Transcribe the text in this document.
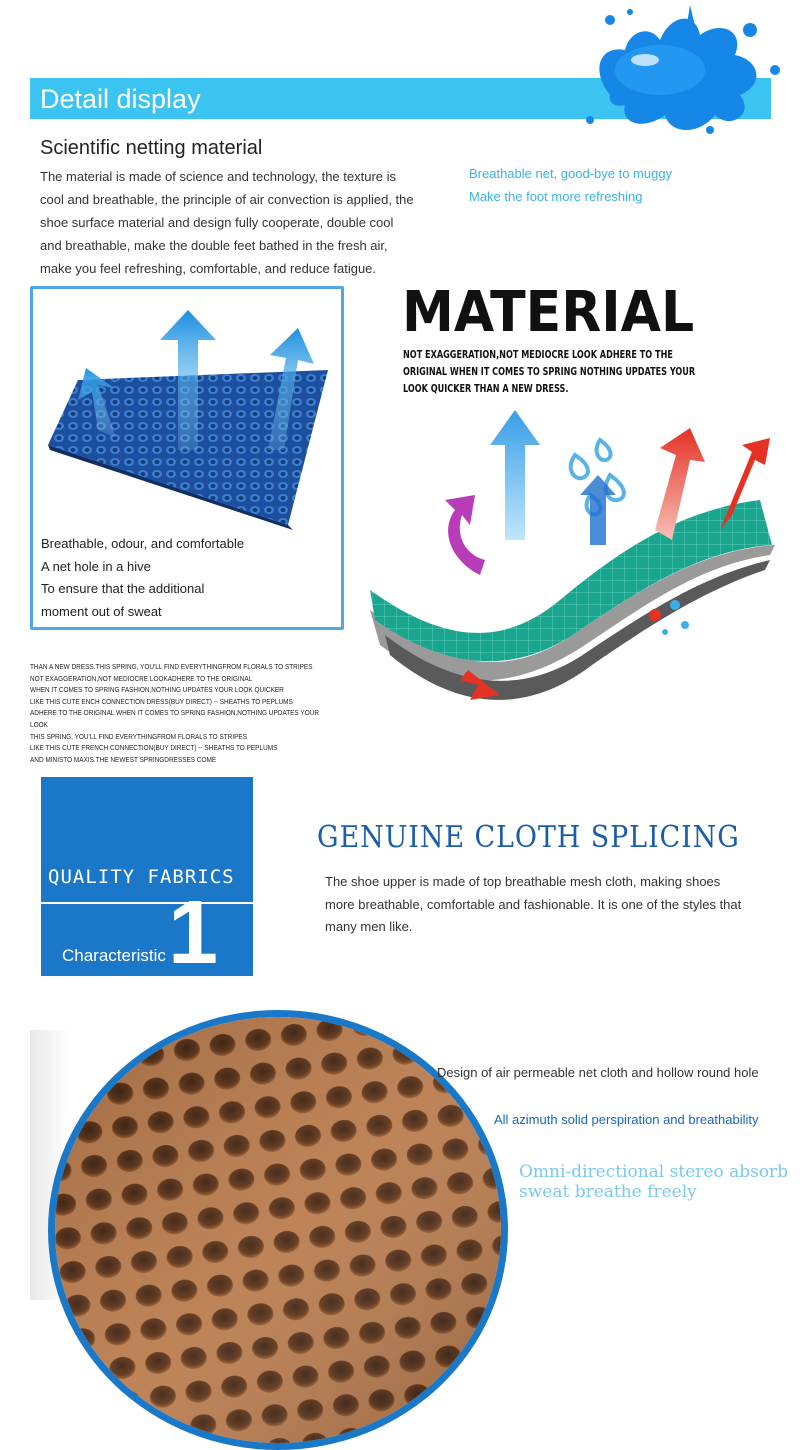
Detail display
Scientific netting material
The material is made of science and technology, the texture is cool and breathable, the principle of air convection is applied, the shoe surface material and design fully cooperate, double cool and breathable, make the double feet bathed in the fresh air, make you feel refreshing, comfortable, and reduce fatigue.
Breathable net, good-bye to muggy
Make the foot more refreshing
Breathable, odour, and comfortable
A net hole in a hive
To ensure that the additional
moment out of sweat
MATERIAL
NOT EXAGGERATION,NOT MEDIOCRE LOOK ADHERE TO THE ORIGINAL WHEN IT COMES TO SPRING NOTHING UPDATES YOUR LOOK QUICKER THAN A NEW DRESS.
THAN A NEW DRESS.THIS SPRING, YOU'LL FIND EVERYTHINGFROM FLORALS TO STRIPES
NOT EXAGGERATION,NOT MEDIOCRE LOOKADHERE TO THE ORIGINAL
WHEN IT COMES TO SPRING FASHION,NOTHING UPDATES YOUR LOOK QUICKER
LIKE THIS CUTE ENCH CONNECTION DRESS(BUY DIRECT) -- SHEATHS TO PEPLUMS
ADHERE TO THE ORIGINAL WHEN IT COMES TO SPRING FASHION,NOTHING UPDATES YOUR LOOK
THIS SPRING, YOU'LL FIND EVERYTHINGFROM FLORALS TO STRIPES
LIKE THIS CUTE FRENCH CONNECTION(BUY DIRECT) -- SHEATHS TO PEPLUMS
AND MINISTO MAXIS.THE NEWEST SPRINGDRESSES COME
QUALITY FABRICS
Characteristic 1
GENUINE CLOTH SPLICING
The shoe upper is made of top breathable mesh cloth, making shoes more breathable, comfortable and fashionable. It is one of the styles that many men like.
Design of air permeable net cloth and hollow round hole
All azimuth solid perspiration and breathability
Omni-directional stereo absorb sweat breathe freely
